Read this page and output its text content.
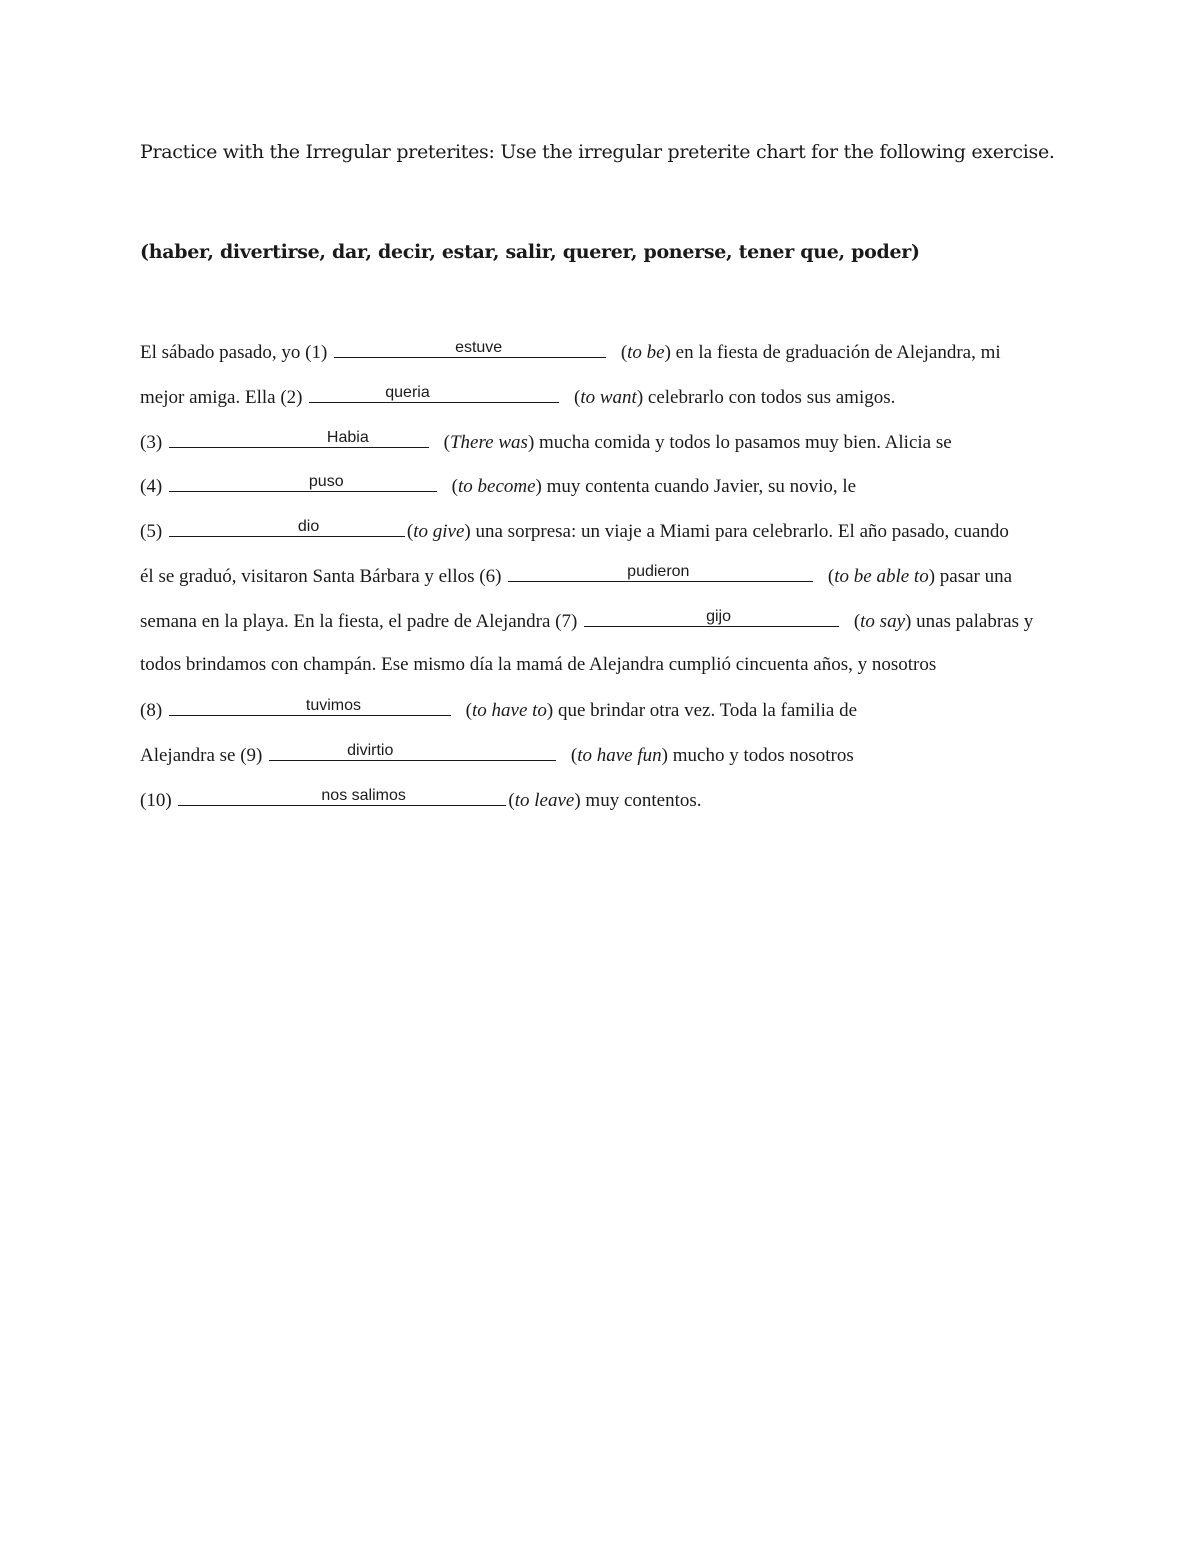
Practice with the Irregular preterites: Use the irregular preterite chart for the following exercise.
(haber, divertirse, dar, decir, estar, salir, querer, ponerse, tener que, poder)
El sábado pasado, yo (1)	estuve	(to be) en la fiesta de graduación de Alejandra, mi
mejor amiga. Ella (2)	queria	(to want) celebrarlo con todos sus amigos.
(3)	Habia	(There was) mucha comida y todos lo pasamos muy bien. Alicia se
(4)	puso	(to become) muy contenta cuando Javier, su novio, le
(5)	dio	(to give) una sorpresa: un viaje a Miami para celebrarlo. El año pasado, cuando
él se graduó, visitaron Santa Bárbara y ellos (6)	pudieron	(to be able to) pasar una
semana en la playa. En la fiesta, el padre de Alejandra (7)	gijo	(to say) unas palabras y
todos brindamos con champán. Ese mismo día la mamá de Alejandra cumplió cincuenta años, y nosotros
(8)	tuvimos	(to have to) que brindar otra vez. Toda la familia de
Alejandra se (9)	divirtio	(to have fun) mucho y todos nosotros
(10)	nos salimos	(to leave) muy contentos.
